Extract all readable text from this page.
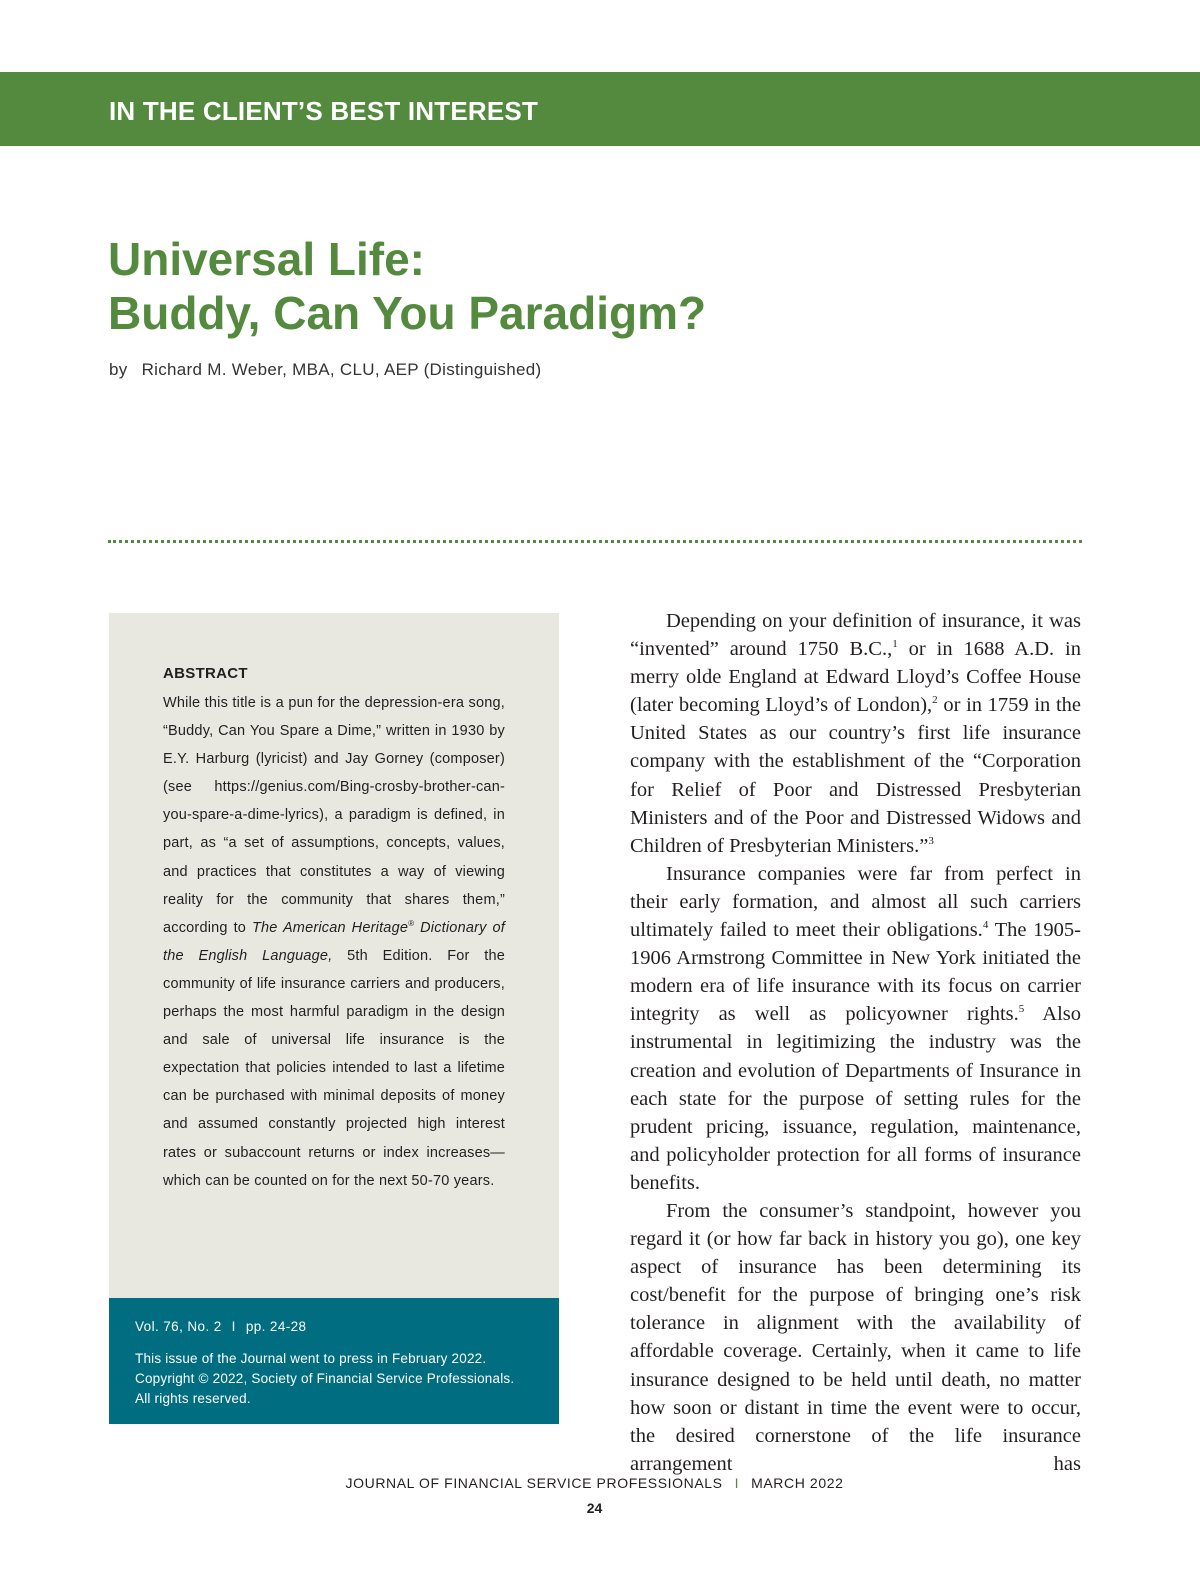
IN THE CLIENT’S BEST INTEREST
Universal Life:
Buddy, Can You Paradigm?
by Richard M. Weber, MBA, CLU, AEP (Distinguished)
ABSTRACT

While this title is a pun for the depression-era song, “Buddy, Can You Spare a Dime,” written in 1930 by E.Y. Harburg (lyricist) and Jay Gorney (composer) (see https://genius.com/Bing-crosby-brother-can-you-spare-a-dime-lyrics), a paradigm is defined, in part, as “a set of assumptions, concepts, values, and practices that constitutes a way of viewing reality for the community that shares them,” according to The American Heritage® Dictionary of the English Language, 5th Edition. For the community of life insurance carriers and producers, perhaps the most harmful paradigm in the design and sale of universal life insurance is the expectation that policies intended to last a lifetime can be purchased with minimal deposits of money and assumed constantly projected high interest rates or subaccount returns or index increases—which can be counted on for the next 50-70 years.

Vol. 76, No. 2 I pp. 24-28
This issue of the Journal went to press in February 2022.
Copyright © 2022, Society of Financial Service Professionals.
All rights reserved.

Depending on your definition of insurance, it was “invented” around 1750 B.C.,$^1$ or in 1688 A.D. in merry olde England at Edward Lloyd’s Coffee House (later becoming Lloyd’s of London),$^2$ or in 1759 in the United States as our country’s first life insurance company with the establishment of the “Corporation for Relief of Poor and Distressed Presbyterian Ministers and of the Poor and Distressed Widows and Children of Presbyterian Ministers.”$^3$

Insurance companies were far from perfect in their early formation, and almost all such carriers ultimately failed to meet their obligations.$^4$ The 1905-1906 Armstrong Committee in New York initiated the modern era of life insurance with its focus on carrier integrity as well as policyowner rights.$^5$ Also instrumental in legitimizing the industry was the creation and evolution of Departments of Insurance in each state for the purpose of setting rules for the prudent pricing, issuance, regulation, maintenance, and policyholder protection for all forms of insurance benefits.

From the consumer’s standpoint, however you regard it (or how far back in history you go), one key aspect of insurance has been determining its cost/benefit for the purpose of bringing one’s risk tolerance in alignment with the availability of affordable coverage. Certainly, when it came to life insurance designed to be held until death, no matter how soon or distant in time the event were to occur, the desired cornerstone of the life insurance arrangement has

JOURNAL OF FINANCIAL SERVICE PROFESSIONALS I MARCH 2022
24
